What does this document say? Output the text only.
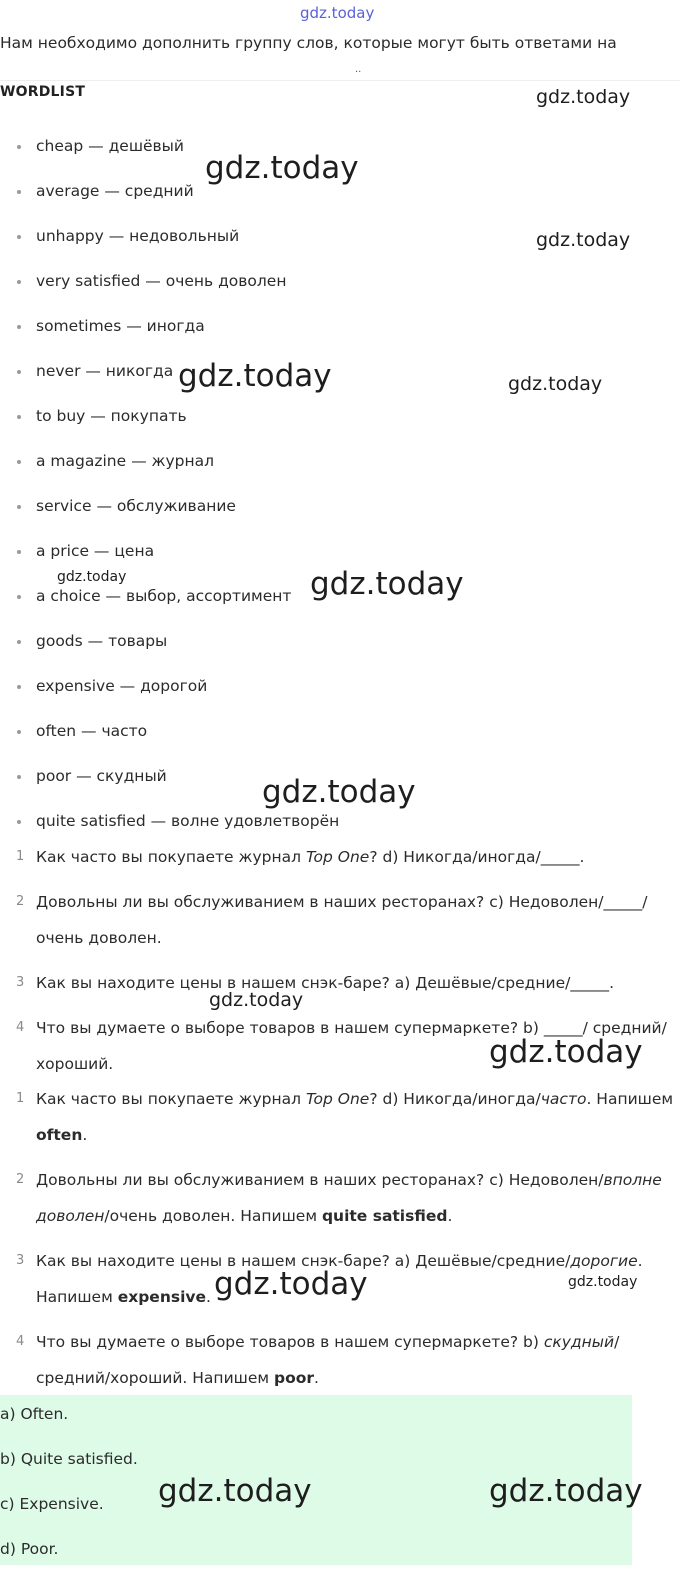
gdz.today
Нам необходимо дополнить группу слов, которые могут быть ответами на
..
WORDLIST
cheap — дешёвый
average — средний
unhappy — недовольный
very satisfied — очень доволен
sometimes — иногда
never — никогда
to buy — покупать
a magazine — журнал
service — обслуживание
a price — цена
a choice — выбор, ассортимент
goods — товары
expensive — дорогой
often — часто
poor — скудный
quite satisfied — волне удовлетворён
1 Как часто вы покупаете журнал Top One? d) Никогда/иногда/_____.
2 Довольны ли вы обслуживанием в наших ресторанах? c) Недоволен/_____/очень доволен.
3 Как вы находите цены в нашем снэк-баре? a) Дешёвые/средние/_____.
4 Что вы думаете о выборе товаров в нашем супермаркете? b) _____/ средний/хороший.
1 Как часто вы покупаете журнал Top One? d) Никогда/иногда/часто. Напишем often.
2 Довольны ли вы обслуживанием в наших ресторанах? c) Недоволен/вполне доволен/очень доволен. Напишем quite satisfied.
3 Как вы находите цены в нашем снэк-баре? a) Дешёвые/средние/дорогие. Напишем expensive.
4 Что вы думаете о выборе товаров в нашем супермаркете? b) скудный/ средний/хороший. Напишем poor.
a) Often.
b) Quite satisfied.
c) Expensive.
d) Poor.
gdz.today
gdz.today
gdz.today
gdz.today	gdz.today
gdz.today	gdz.today
gdz.today
gdz.today
gdz.today
gdz.today	gdz.today
gdz.today	gdz.today
